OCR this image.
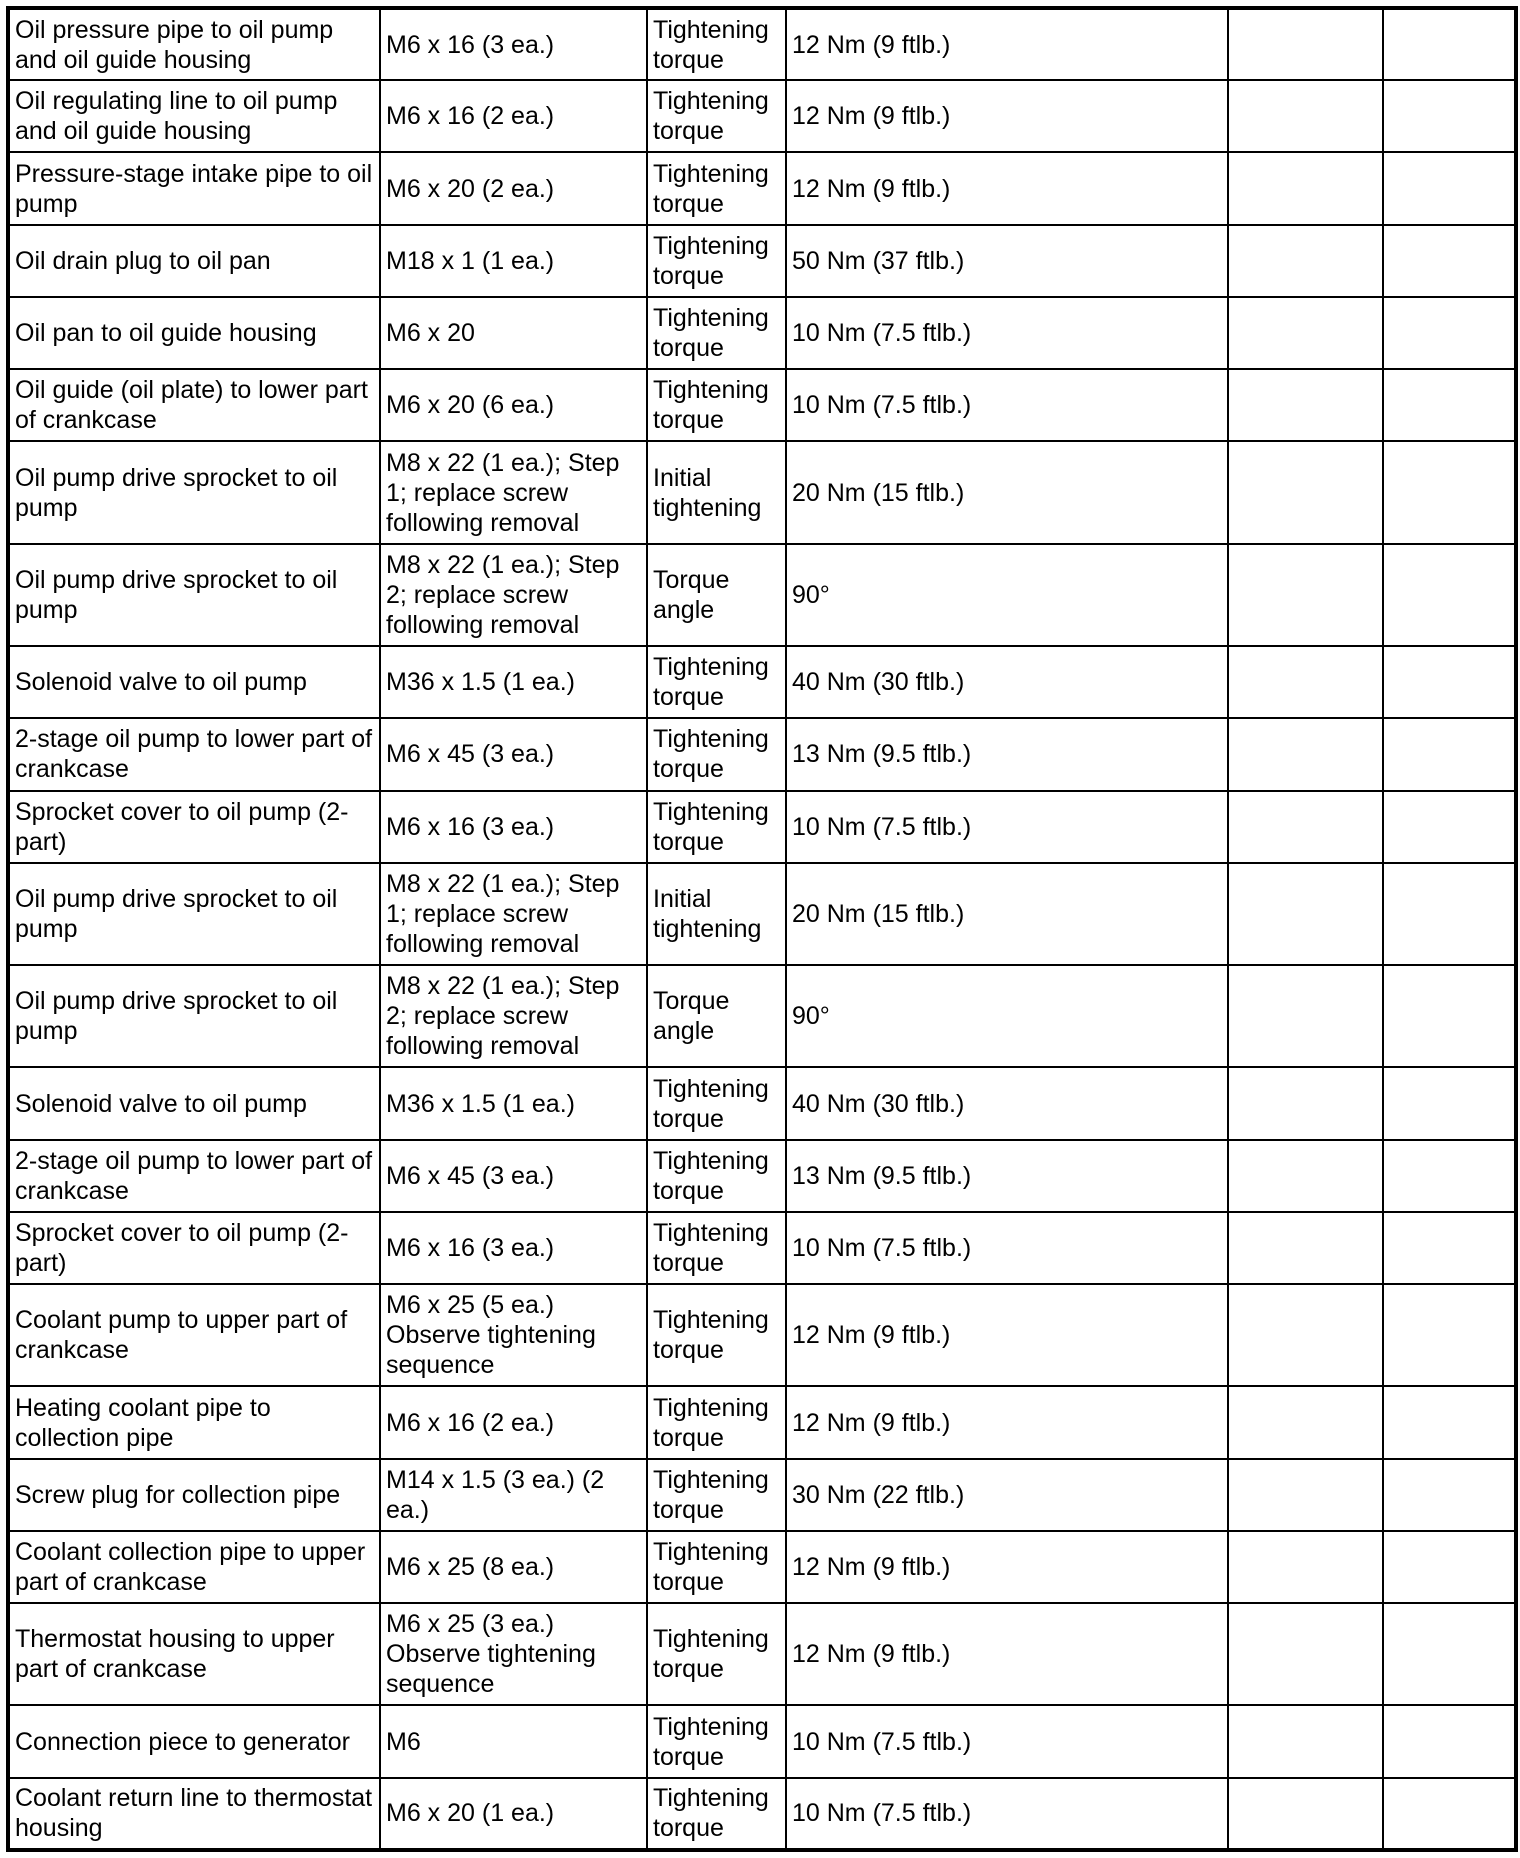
Oil pressure pipe to oil pump and oil guide housing	M6 x 16 (3 ea.)	Tightening torque	12 Nm (9 ftlb.)		
Oil regulating line to oil pump and oil guide housing	M6 x 16 (2 ea.)	Tightening torque	12 Nm (9 ftlb.)		
Pressure-stage intake pipe to oil pump	M6 x 20 (2 ea.)	Tightening torque	12 Nm (9 ftlb.)		
Oil drain plug to oil pan	M18 x 1 (1 ea.)	Tightening torque	50 Nm (37 ftlb.)		
Oil pan to oil guide housing	M6 x 20	Tightening torque	10 Nm (7.5 ftlb.)		
Oil guide (oil plate) to lower part of crankcase	M6 x 20 (6 ea.)	Tightening torque	10 Nm (7.5 ftlb.)		
Oil pump drive sprocket to oil pump	M8 x 22 (1 ea.); Step 1; replace screw following removal	Initial tightening	20 Nm (15 ftlb.)		
Oil pump drive sprocket to oil pump	M8 x 22 (1 ea.); Step 2; replace screw following removal	Torque angle	90°		
Solenoid valve to oil pump	M36 x 1.5 (1 ea.)	Tightening torque	40 Nm (30 ftlb.)		
2-stage oil pump to lower part of crankcase	M6 x 45 (3 ea.)	Tightening torque	13 Nm (9.5 ftlb.)		
Sprocket cover to oil pump (2-part)	M6 x 16 (3 ea.)	Tightening torque	10 Nm (7.5 ftlb.)		
Oil pump drive sprocket to oil pump	M8 x 22 (1 ea.); Step 1; replace screw following removal	Initial tightening	20 Nm (15 ftlb.)		
Oil pump drive sprocket to oil pump	M8 x 22 (1 ea.); Step 2; replace screw following removal	Torque angle	90°		
Solenoid valve to oil pump	M36 x 1.5 (1 ea.)	Tightening torque	40 Nm (30 ftlb.)		
2-stage oil pump to lower part of crankcase	M6 x 45 (3 ea.)	Tightening torque	13 Nm (9.5 ftlb.)		
Sprocket cover to oil pump (2-part)	M6 x 16 (3 ea.)	Tightening torque	10 Nm (7.5 ftlb.)		
Coolant pump to upper part of crankcase	M6 x 25 (5 ea.) Observe tightening sequence	Tightening torque	12 Nm (9 ftlb.)		
Heating coolant pipe to collection pipe	M6 x 16 (2 ea.)	Tightening torque	12 Nm (9 ftlb.)		
Screw plug for collection pipe	M14 x 1.5 (3 ea.) (2 ea.)	Tightening torque	30 Nm (22 ftlb.)		
Coolant collection pipe to upper part of crankcase	M6 x 25 (8 ea.)	Tightening torque	12 Nm (9 ftlb.)		
Thermostat housing to upper part of crankcase	M6 x 25 (3 ea.) Observe tightening sequence	Tightening torque	12 Nm (9 ftlb.)		
Connection piece to generator	M6	Tightening torque	10 Nm (7.5 ftlb.)		
Coolant return line to thermostat housing	M6 x 20 (1 ea.)	Tightening torque	10 Nm (7.5 ftlb.)		
